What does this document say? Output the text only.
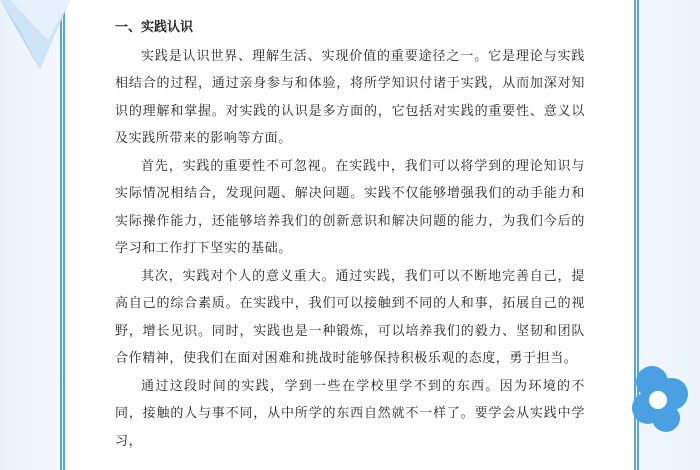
一、实践认识

实践是认识世界、理解生活、实现价值的重要途径之一。它是理论与实践相结合的过程，通过亲身参与和体验，将所学知识付诸于实践，从而加深对知识的理解和掌握。对实践的认识是多方面的，它包括对实践的重要性、意义以及实践所带来的影响等方面。

首先，实践的重要性不可忽视。在实践中，我们可以将学到的理论知识与实际情况相结合，发现问题、解决问题。实践不仅能够增强我们的动手能力和实际操作能力，还能够培养我们的创新意识和解决问题的能力，为我们今后的学习和工作打下坚实的基础。

其次，实践对个人的意义重大。通过实践，我们可以不断地完善自己，提高自己的综合素质。在实践中，我们可以接触到不同的人和事，拓展自己的视野，增长见识。同时，实践也是一种锻炼，可以培养我们的毅力、坚韧和团队合作精神，使我们在面对困难和挑战时能够保持积极乐观的态度，勇于担当。

通过这段时间的实践，学到一些在学校里学不到的东西。因为环境的不同，接触的人与事不同，从中所学的东西自然就不一样了。要学会从实践中学习，
